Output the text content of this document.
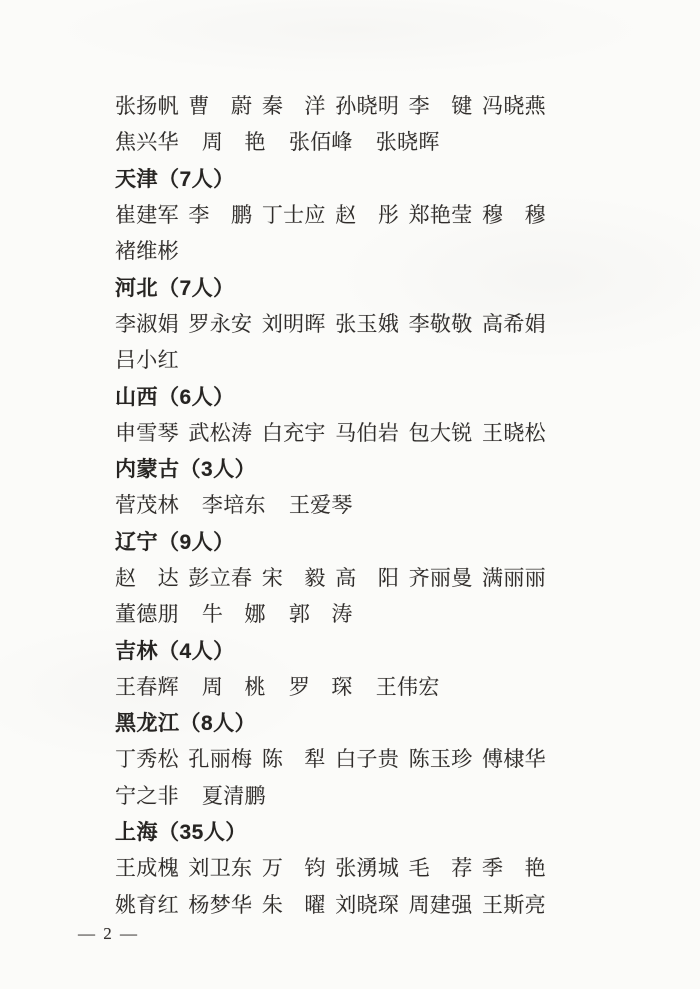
张扬帆 曹　蔚 秦　洋 孙晓明 李　键 冯晓燕
焦兴华 周　艳 张佰峰 张晓晖
天津（7人）
崔建军 李　鹏 丁士应 赵　彤 郑艳莹 穆　穆
褚维彬
河北（7人）
李淑娟 罗永安 刘明晖 张玉娥 李敬敬 高希娟
吕小红
山西（6人）
申雪琴 武松涛 白充宇 马伯岩 包大锐 王晓松
内蒙古（3人）
菅茂林 李培东 王爱琴
辽宁（9人）
赵　达 彭立春 宋　毅 高　阳 齐丽曼 满丽丽
董德朋 牛　娜 郭　涛
吉林（4人）
王春辉 周　桃 罗　琛 王伟宏
黑龙江（8人）
丁秀松 孔丽梅 陈　犁 白子贵 陈玉珍 傅棣华
宁之非 夏清鹏
上海（35人）
王成槐 刘卫东 万　钧 张湧城 毛　荐 季　艳
姚育红 杨梦华 朱　曜 刘晓琛 周建强 王斯亮
— 2 —
